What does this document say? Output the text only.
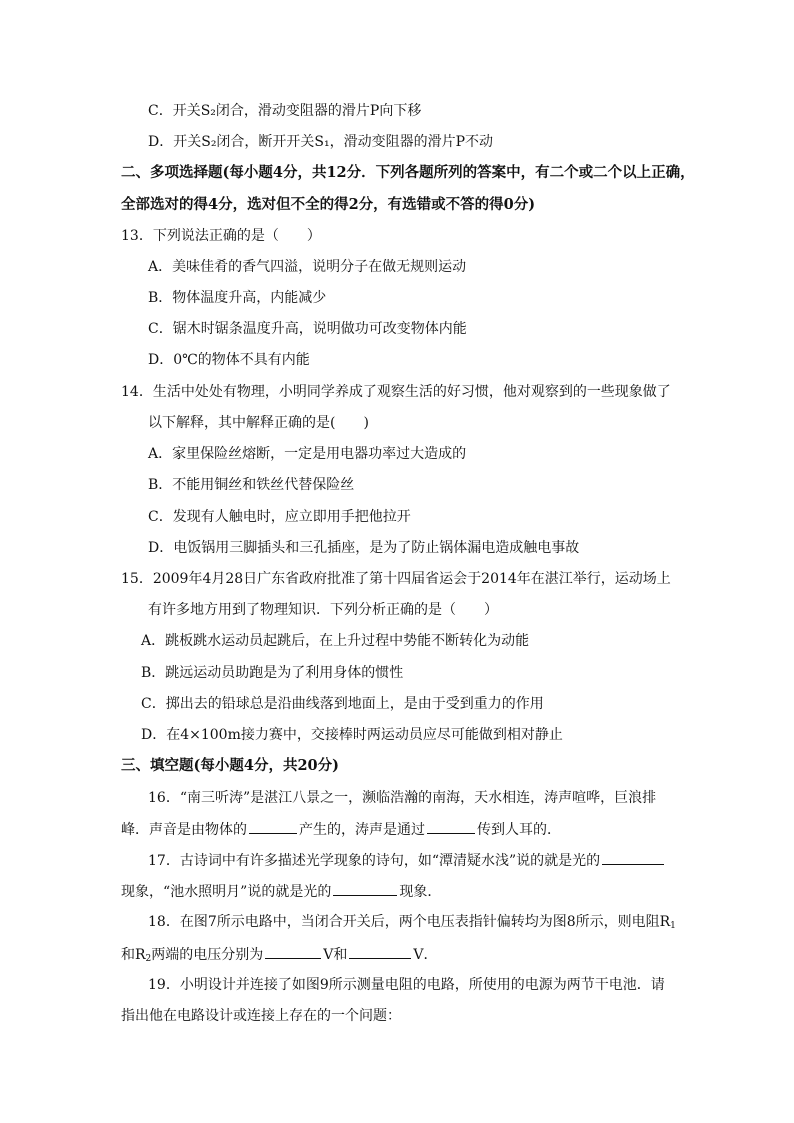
C．开关S₂闭合，滑动变阻器的滑片P向下移
D．开关S₂闭合，断开开关S₁，滑动变阻器的滑片P不动
二、多项选择题(每小题4分，共12分．下列各题所列的答案中，有二个或二个以上正确，
全部选对的得4分，选对但不全的得2分，有选错或不答的得0分)
13．下列说法正确的是（　　）
A．美味佳肴的香气四溢，说明分子在做无规则运动
B．物体温度升高，内能减少
C．锯木时锯条温度升高，说明做功可改变物体内能
D．0℃的物体不具有内能
14．生活中处处有物理，小明同学养成了观察生活的好习惯，他对观察到的一些现象做了
以下解释，其中解释正确的是(　　)
A．家里保险丝熔断，一定是用电器功率过大造成的
B．不能用铜丝和铁丝代替保险丝
C．发现有人触电时，应立即用手把他拉开
D．电饭锅用三脚插头和三孔插座，是为了防止锅体漏电造成触电事故
15．2009年4月28日广东省政府批准了第十四届省运会于2014年在湛江举行，运动场上
有许多地方用到了物理知识．下列分析正确的是（　　）
A．跳板跳水运动员起跳后，在上升过程中势能不断转化为动能
B．跳远运动员助跑是为了利用身体的惯性
C．掷出去的铅球总是沿曲线落到地面上，是由于受到重力的作用
D．在4×100m接力赛中，交接棒时两运动员应尽可能做到相对静止
三、填空题(每小题4分，共20分)
16．“南三听涛”是湛江八景之一，濒临浩瀚的南海，天水相连，涛声喧哗，巨浪排
峰．声音是由物体的	产生的，涛声是通过	传到人耳的．
17．古诗词中有许多描述光学现象的诗句，如“潭清疑水浅”说的就是光的
现象，“池水照明月”说的就是光的	现象．
18．在图7所示电路中，当闭合开关后，两个电压表指针偏转均为图8所示，则电阻$R_1$
和$R_2$两端的电压分别为	V和	V．
19．小明设计并连接了如图9所示测量电阻的电路，所使用的电源为两节干电池．请
指出他在电路设计或连接上存在的一个问题：
